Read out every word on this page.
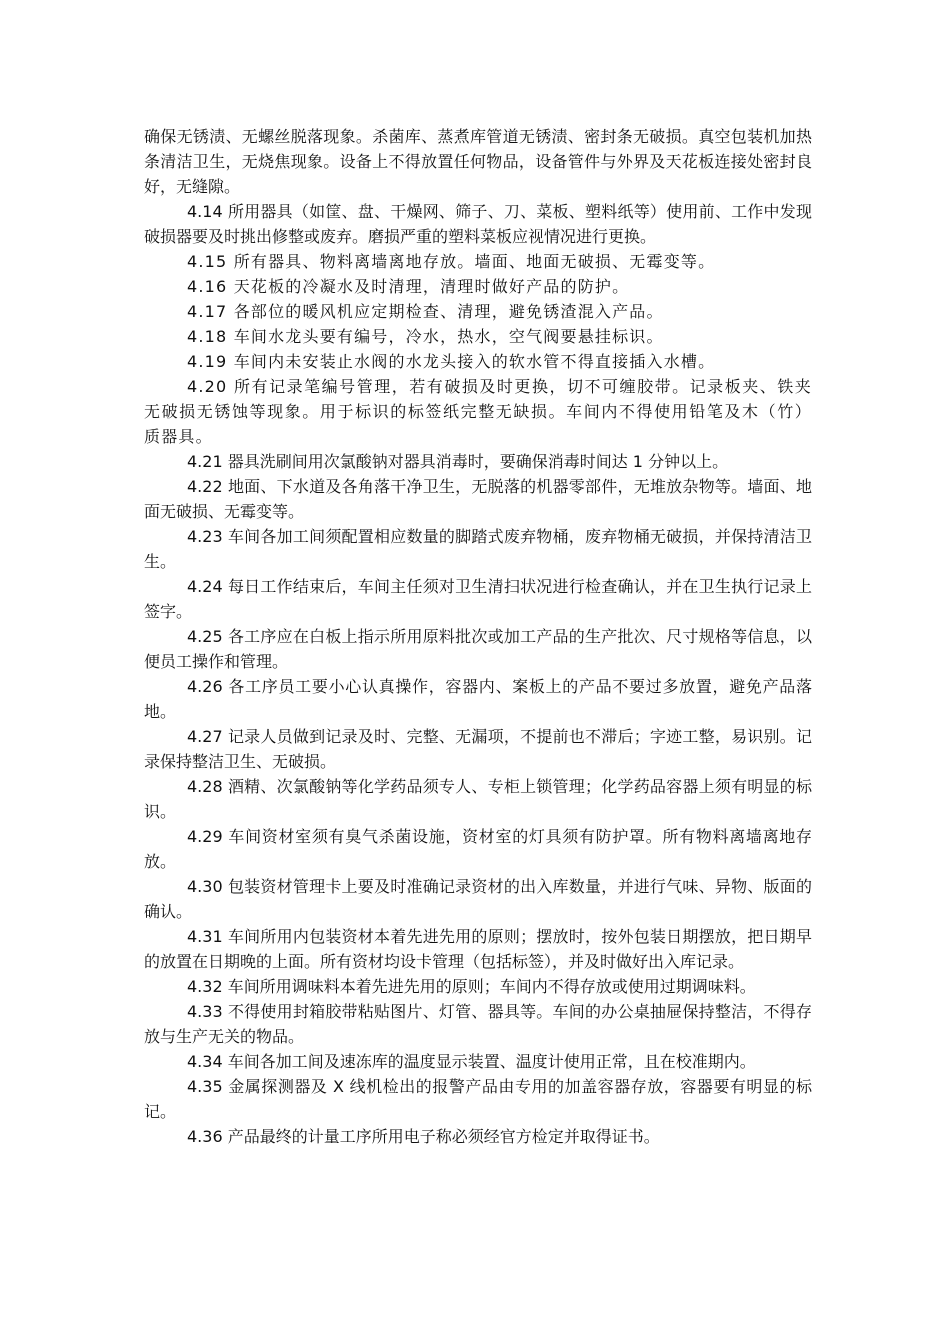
确保无锈渍、无螺丝脱落现象。杀菌库、蒸煮库管道无锈渍、密封条无破损。真空包装机加热条清洁卫生，无烧焦现象。设备上不得放置任何物品，设备管件与外界及天花板连接处密封良好，无缝隙。

4.14 所用器具（如筐、盘、干燥网、筛子、刀、菜板、塑料纸等）使用前、工作中发现破损器要及时挑出修整或废弃。磨损严重的塑料菜板应视情况进行更换。

4.15 所有器具、物料离墙离地存放。墙面、地面无破损、无霉变等。

4.16 天花板的冷凝水及时清理，清理时做好产品的防护。

4.17 各部位的暖风机应定期检查、清理，避免锈渣混入产品。

4.18 车间水龙头要有编号，冷水，热水，空气阀要悬挂标识。

4.19 车间内未安装止水阀的水龙头接入的软水管不得直接插入水槽。

4.20 所有记录笔编号管理，若有破损及时更换，切不可缠胶带。记录板夹、铁夹无破损无锈蚀等现象。用于标识的标签纸完整无缺损。车间内不得使用铅笔及木（竹）质器具。

4.21 器具洗刷间用次氯酸钠对器具消毒时，要确保消毒时间达 1 分钟以上。

4.22 地面、下水道及各角落干净卫生，无脱落的机器零部件，无堆放杂物等。墙面、地面无破损、无霉变等。

4.23 车间各加工间须配置相应数量的脚踏式废弃物桶，废弃物桶无破损，并保持清洁卫生。

4.24 每日工作结束后，车间主任须对卫生清扫状况进行检查确认，并在卫生执行记录上签字。

4.25 各工序应在白板上指示所用原料批次或加工产品的生产批次、尺寸规格等信息，以便员工操作和管理。

4.26 各工序员工要小心认真操作，容器内、案板上的产品不要过多放置，避免产品落地。

4.27 记录人员做到记录及时、完整、无漏项，不提前也不滞后；字迹工整，易识别。记录保持整洁卫生、无破损。

4.28 酒精、次氯酸钠等化学药品须专人、专柜上锁管理；化学药品容器上须有明显的标识。

4.29 车间资材室须有臭气杀菌设施，资材室的灯具须有防护罩。所有物料离墙离地存放。

4.30 包装资材管理卡上要及时准确记录资材的出入库数量，并进行气味、异物、版面的确认。

4.31 车间所用内包装资材本着先进先用的原则；摆放时，按外包装日期摆放，把日期早的放置在日期晚的上面。所有资材均设卡管理（包括标签），并及时做好出入库记录。

4.32 车间所用调味料本着先进先用的原则；车间内不得存放或使用过期调味料。

4.33 不得使用封箱胶带粘贴图片、灯管、器具等。车间的办公桌抽屉保持整洁，不得存放与生产无关的物品。

4.34 车间各加工间及速冻库的温度显示装置、温度计使用正常，且在校准期内。

4.35 金属探测器及 X 线机检出的报警产品由专用的加盖容器存放，容器要有明显的标记。

4.36 产品最终的计量工序所用电子称必须经官方检定并取得证书。
